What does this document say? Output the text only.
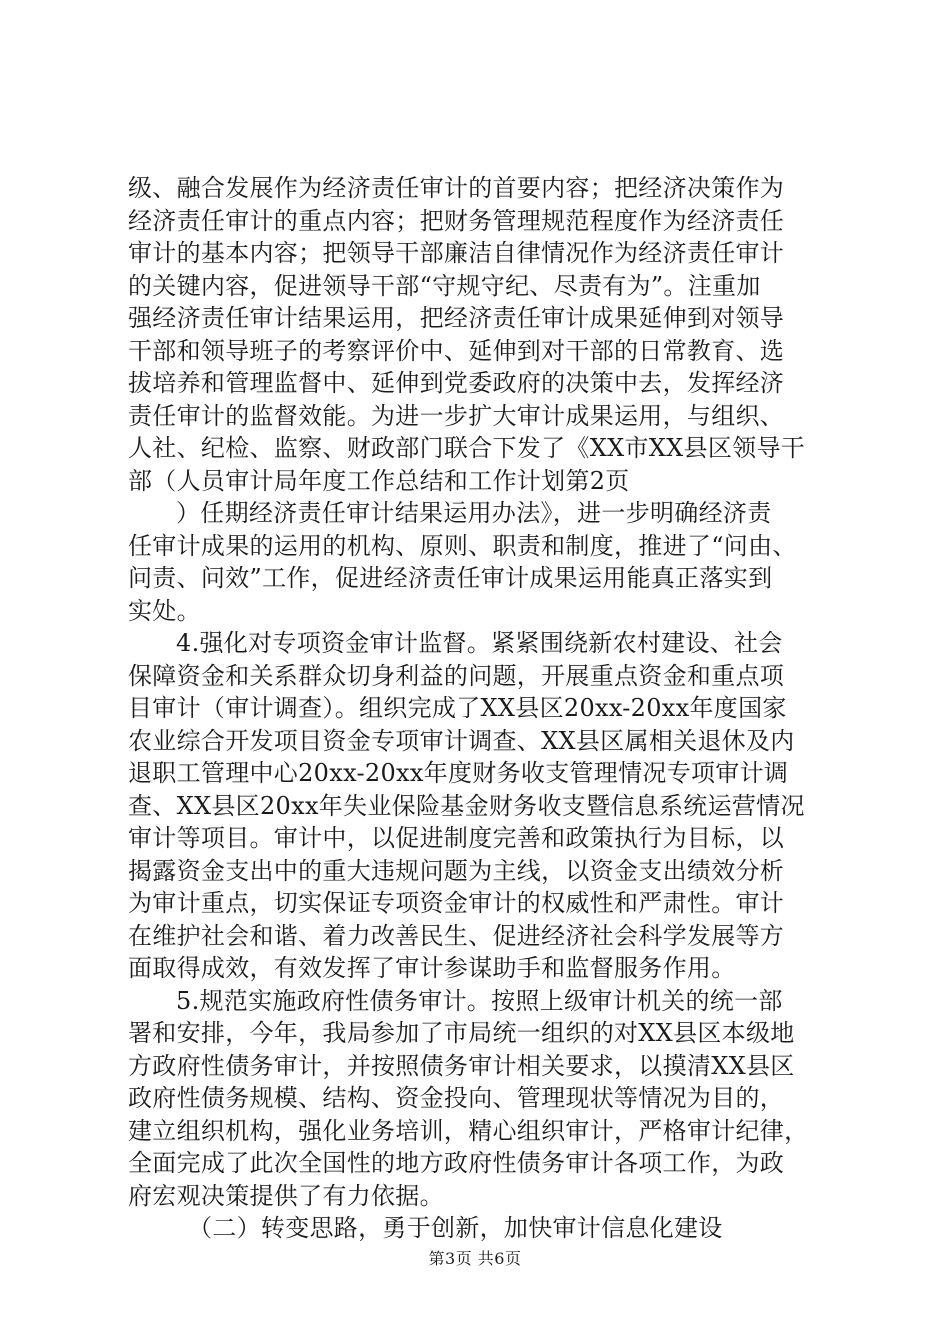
级、融合发展作为经济责任审计的首要内容；把经济决策作为
经济责任审计的重点内容；把财务管理规范程度作为经济责任
审计的基本内容；把领导干部廉洁自律情况作为经济责任审计
的关键内容，促进领导干部“守规守纪、尽责有为”。注重加
强经济责任审计结果运用，把经济责任审计成果延伸到对领导
干部和领导班子的考察评价中、延伸到对干部的日常教育、选
拔培养和管理监督中、延伸到党委政府的决策中去，发挥经济
责任审计的监督效能。为进一步扩大审计成果运用，与组织、
人社、纪检、监察、财政部门联合下发了《XX市XX县区领导干
部（人员审计局年度工作总结和工作计划第2页
）任期经济责任审计结果运用办法》，进一步明确经济责
任审计成果的运用的机构、原则、职责和制度，推进了“问由、
问责、问效”工作，促进经济责任审计成果运用能真正落实到
实处。
4.强化对专项资金审计监督。紧紧围绕新农村建设、社会
保障资金和关系群众切身利益的问题，开展重点资金和重点项
目审计（审计调查）。组织完成了XX县区20xx-20xx年度国家
农业综合开发项目资金专项审计调查、XX县区属相关退休及内
退职工管理中心20xx-20xx年度财务收支管理情况专项审计调
查、XX县区20xx年失业保险基金财务收支暨信息系统运营情况
审计等项目。审计中，以促进制度完善和政策执行为目标，以
揭露资金支出中的重大违规问题为主线，以资金支出绩效分析
为审计重点，切实保证专项资金审计的权威性和严肃性。审计
在维护社会和谐、着力改善民生、促进经济社会科学发展等方
面取得成效，有效发挥了审计参谋助手和监督服务作用。
5.规范实施政府性债务审计。按照上级审计机关的统一部
署和安排，今年，我局参加了市局统一组织的对XX县区本级地
方政府性债务审计，并按照债务审计相关要求，以摸清XX县区
政府性债务规模、结构、资金投向、管理现状等情况为目的，
建立组织机构，强化业务培训，精心组织审计，严格审计纪律，
全面完成了此次全国性的地方政府性债务审计各项工作，为政
府宏观决策提供了有力依据。
（二）转变思路，勇于创新，加快审计信息化建设
第3页 共6页
